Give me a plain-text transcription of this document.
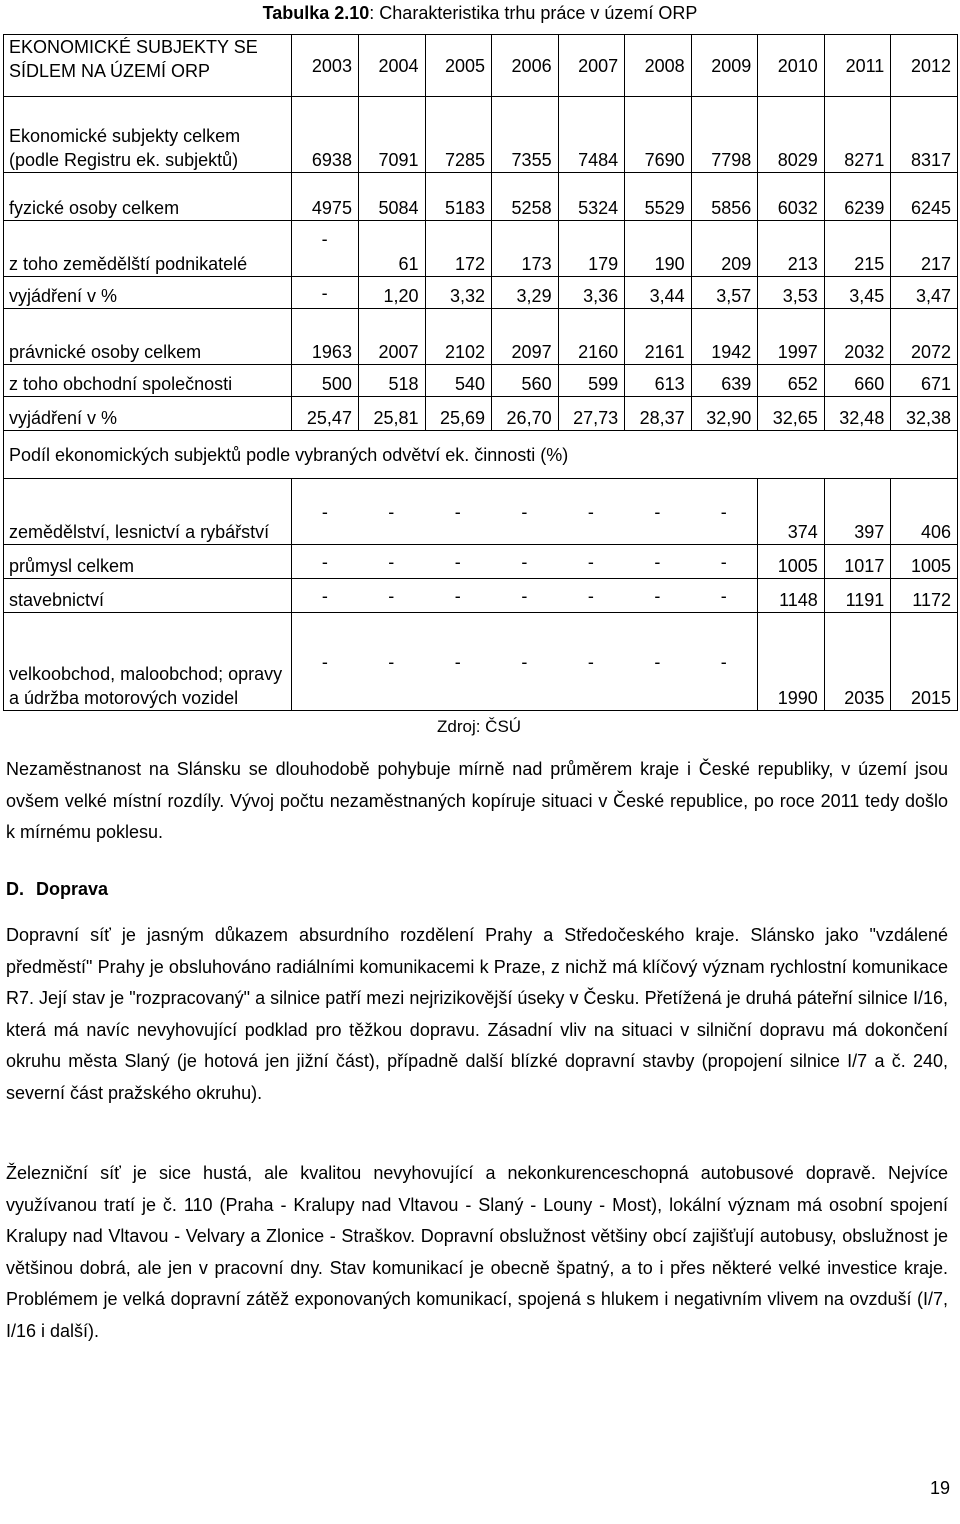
Tabulka 2.10: Charakteristika trhu práce v území ORP
EKONOMICKÉ SUBJEKTY SE SÍDLEM NA ÚZEMÍ ORP	2003	2004	2005	2006	2007	2008	2009	2010	2011	2012
Ekonomické subjekty celkem (podle Registru ek. subjektů)	6938	7091	7285	7355	7484	7690	7798	8029	8271	8317
fyzické osoby celkem	4975	5084	5183	5258	5324	5529	5856	6032	6239	6245
z toho zemědělští podnikatelé	-	61	172	173	179	190	209	213	215	217
vyjádření v %	-	1,20	3,32	3,29	3,36	3,44	3,57	3,53	3,45	3,47
právnické osoby celkem	1963	2007	2102	2097	2160	2161	1942	1997	2032	2072
z toho obchodní společnosti	500	518	540	560	599	613	639	652	660	671
vyjádření v %	25,47	25,81	25,69	26,70	27,73	28,37	32,90	32,65	32,48	32,38
Podíl ekonomických subjektů podle vybraných odvětví ek. činnosti (%)										
zemědělství, lesnictví a rybářství	-	-	-	-	-	-	-	374	397	406
průmysl celkem	-	-	-	-	-	-	-	1005	1017	1005
stavebnictví	-	-	-	-	-	-	-	1148	1191	1172
velkoobchod, maloobchod; opravy a údržba motorových vozidel	-	-	-	-	-	-	-	1990	2035	2015
Zdroj: ČSÚ
Nezaměstnanost na Slánsku se dlouhodobě pohybuje mírně nad průměrem kraje i České republiky, v území jsou ovšem velké místní rozdíly. Vývoj počtu nezaměstnaných kopíruje situaci v České republice, po roce 2011 tedy došlo k mírnému poklesu.
D. Doprava
Dopravní síť je jasným důkazem absurdního rozdělení Prahy a Středočeského kraje. Slánsko jako "vzdálené předměstí" Prahy je obsluhováno radiálními komunikacemi k Praze, z nichž má klíčový význam rychlostní komunikace R7. Její stav je "rozpracovaný" a silnice patří mezi nejrizikovější úseky v Česku. Přetížená je druhá páteřní silnice I/16, která má navíc nevyhovující podklad pro těžkou dopravu. Zásadní vliv na situaci v silniční dopravu má dokončení okruhu města Slaný (je hotová jen jižní část), případně další blízké dopravní stavby (propojení silnice I/7 a č. 240, severní část pražského okruhu).
Železniční síť je sice hustá, ale kvalitou nevyhovující a nekonkurenceschopná autobusové dopravě. Nejvíce využívanou tratí je č. 110 (Praha - Kralupy nad Vltavou - Slaný - Louny - Most), lokální význam má osobní spojení Kralupy nad Vltavou - Velvary a Zlonice - Straškov. Dopravní obslužnost většiny obcí zajišťují autobusy, obslužnost je většinou dobrá, ale jen v pracovní dny. Stav komunikací je obecně špatný, a to i přes některé velké investice kraje. Problémem je velká dopravní zátěž exponovaných komunikací, spojená s hlukem i negativním vlivem na ovzduší (I/7, I/16 i další).
19
